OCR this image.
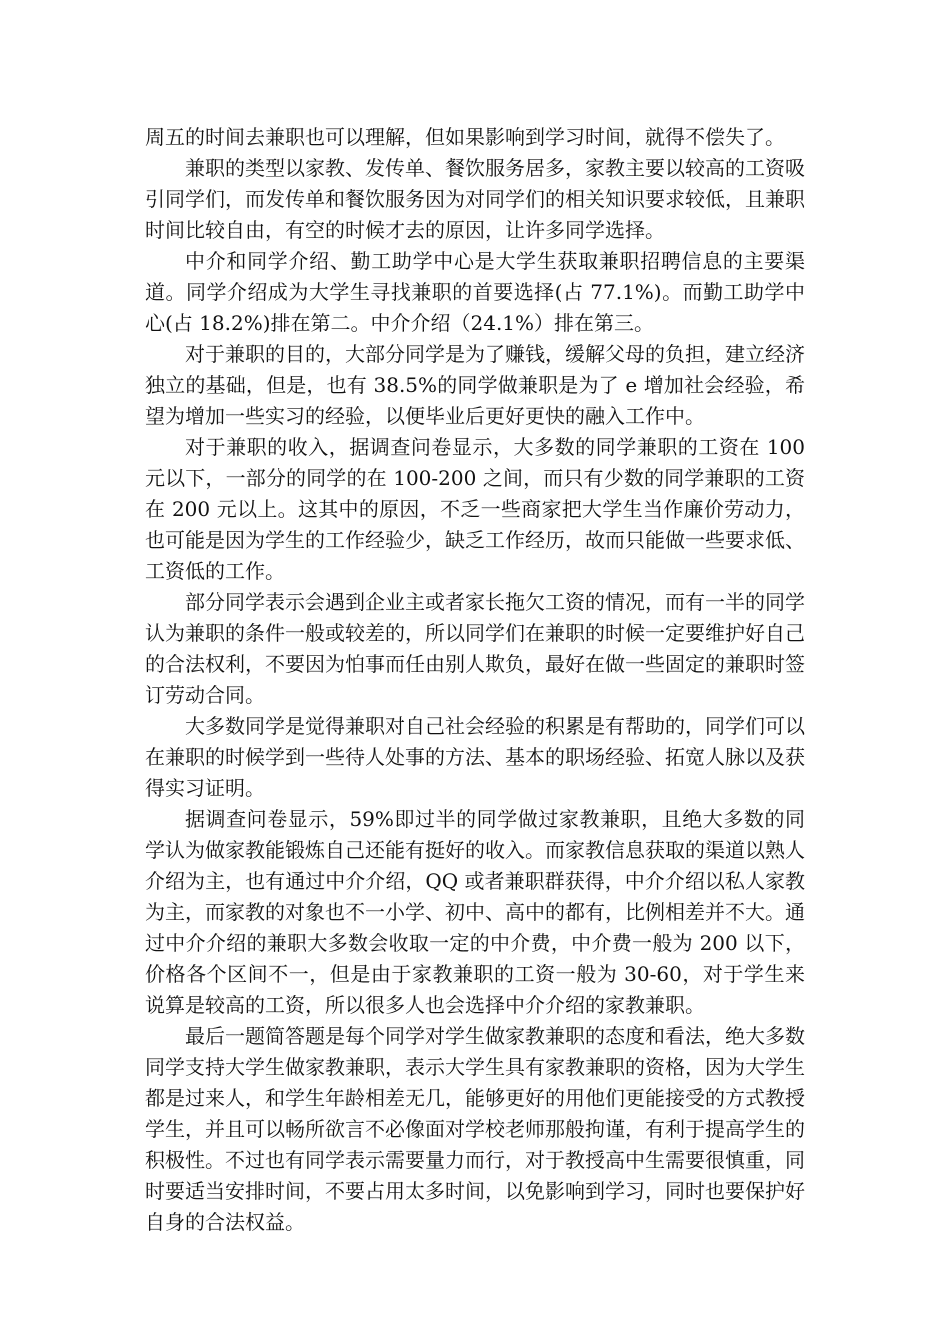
周五的时间去兼职也可以理解，但如果影响到学习时间，就得不偿失了。

兼职的类型以家教、发传单、餐饮服务居多，家教主要以较高的工资吸引同学们，而发传单和餐饮服务因为对同学们的相关知识要求较低，且兼职时间比较自由，有空的时候才去的原因，让许多同学选择。

中介和同学介绍、勤工助学中心是大学生获取兼职招聘信息的主要渠道。同学介绍成为大学生寻找兼职的首要选择(占 77.1%)。而勤工助学中心(占 18.2%)排在第二。中介介绍（24.1%）排在第三。

对于兼职的目的，大部分同学是为了赚钱，缓解父母的负担，建立经济独立的基础，但是，也有 38.5%的同学做兼职是为了 e 增加社会经验，希望为增加一些实习的经验，以便毕业后更好更快的融入工作中。

对于兼职的收入，据调查问卷显示，大多数的同学兼职的工资在 100 元以下，一部分的同学的在 100-200 之间，而只有少数的同学兼职的工资在 200 元以上。这其中的原因，不乏一些商家把大学生当作廉价劳动力，也可能是因为学生的工作经验少，缺乏工作经历，故而只能做一些要求低、工资低的工作。

部分同学表示会遇到企业主或者家长拖欠工资的情况，而有一半的同学认为兼职的条件一般或较差的，所以同学们在兼职的时候一定要维护好自己的合法权利，不要因为怕事而任由别人欺负，最好在做一些固定的兼职时签订劳动合同。

大多数同学是觉得兼职对自己社会经验的积累是有帮助的，同学们可以在兼职的时候学到一些待人处事的方法、基本的职场经验、拓宽人脉以及获得实习证明。

据调查问卷显示，59%即过半的同学做过家教兼职，且绝大多数的同学认为做家教能锻炼自己还能有挺好的收入。而家教信息获取的渠道以熟人介绍为主，也有通过中介介绍，QQ 或者兼职群获得，中介介绍以私人家教为主，而家教的对象也不一小学、初中、高中的都有，比例相差并不大。通过中介介绍的兼职大多数会收取一定的中介费，中介费一般为 200 以下，价格各个区间不一，但是由于家教兼职的工资一般为 30-60，对于学生来说算是较高的工资，所以很多人也会选择中介介绍的家教兼职。

最后一题简答题是每个同学对学生做家教兼职的态度和看法，绝大多数同学支持大学生做家教兼职，表示大学生具有家教兼职的资格，因为大学生都是过来人，和学生年龄相差无几，能够更好的用他们更能接受的方式教授学生，并且可以畅所欲言不必像面对学校老师那般拘谨，有利于提高学生的积极性。不过也有同学表示需要量力而行，对于教授高中生需要很慎重，同时要适当安排时间，不要占用太多时间，以免影响到学习，同时也要保护好自身的合法权益。
